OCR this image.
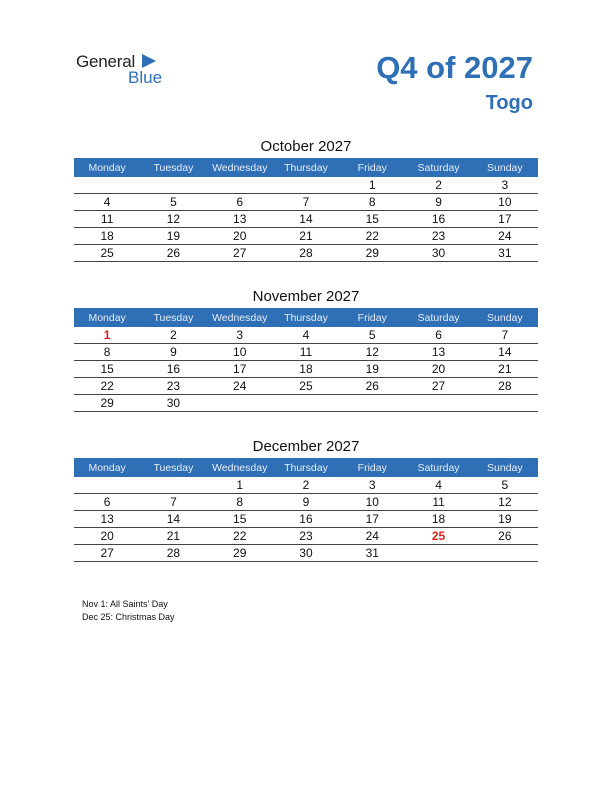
General
Blue	Q4 of 2027
Togo
October 2027
Monday	Tuesday	Wednesday	Thursday	Friday	Saturday	Sunday
				1	2	3
4	5	6	7	8	9	10
11	12	13	14	15	16	17
18	19	20	21	22	23	24
25	26	27	28	29	30	31
November 2027
Monday	Tuesday	Wednesday	Thursday	Friday	Saturday	Sunday
1	2	3	4	5	6	7
8	9	10	11	12	13	14
15	16	17	18	19	20	21
22	23	24	25	26	27	28
29	30					
December 2027
Monday	Tuesday	Wednesday	Thursday	Friday	Saturday	Sunday
		1	2	3	4	5
6	7	8	9	10	11	12
13	14	15	16	17	18	19
20	21	22	23	24	25	26
27	28	29	30	31		
Nov 1: All Saints’ Day
Dec 25: Christmas Day
